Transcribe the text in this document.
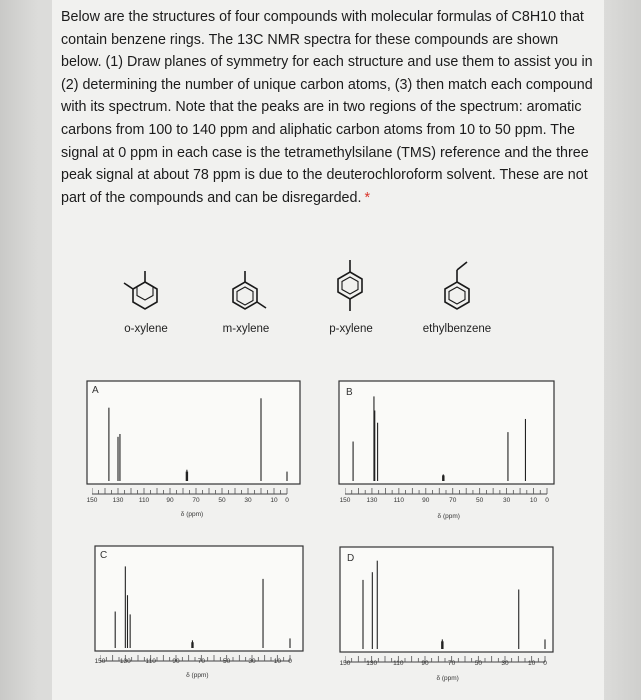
Below are the structures of four compounds with molecular formulas of C8H10 that contain benzene rings. The 13C NMR spectra for these compounds are shown below. (1) Draw planes of symmetry for each structure and use them to assist you in (2) determining the number of unique carbon atoms, (3) then match each compound with its spectrum. Note that the peaks are in two regions of the spectrum: aromatic carbons from 100 to 140 ppm and aliphatic carbon atoms from 10 to 50 ppm. The signal at 0 ppm in each case is the tetramethylsilane (TMS) reference and the three peak signal at about 78 ppm is due to the deuterochloroform solvent. These are not part of the compounds and can be disregarded. *
o-xylene	m-xylene	p-xylene	ethylbenzene
A
150 130 110	90	70	50	30	10 0
δ (ppm)
B
150 130	110	90	70	50	30	10 0
δ (ppm)
C
150 130 110	90	70	50	30	10 0
δ (ppm)
D
150 130 110	90	70	50	30	10 0
δ (ppm)
